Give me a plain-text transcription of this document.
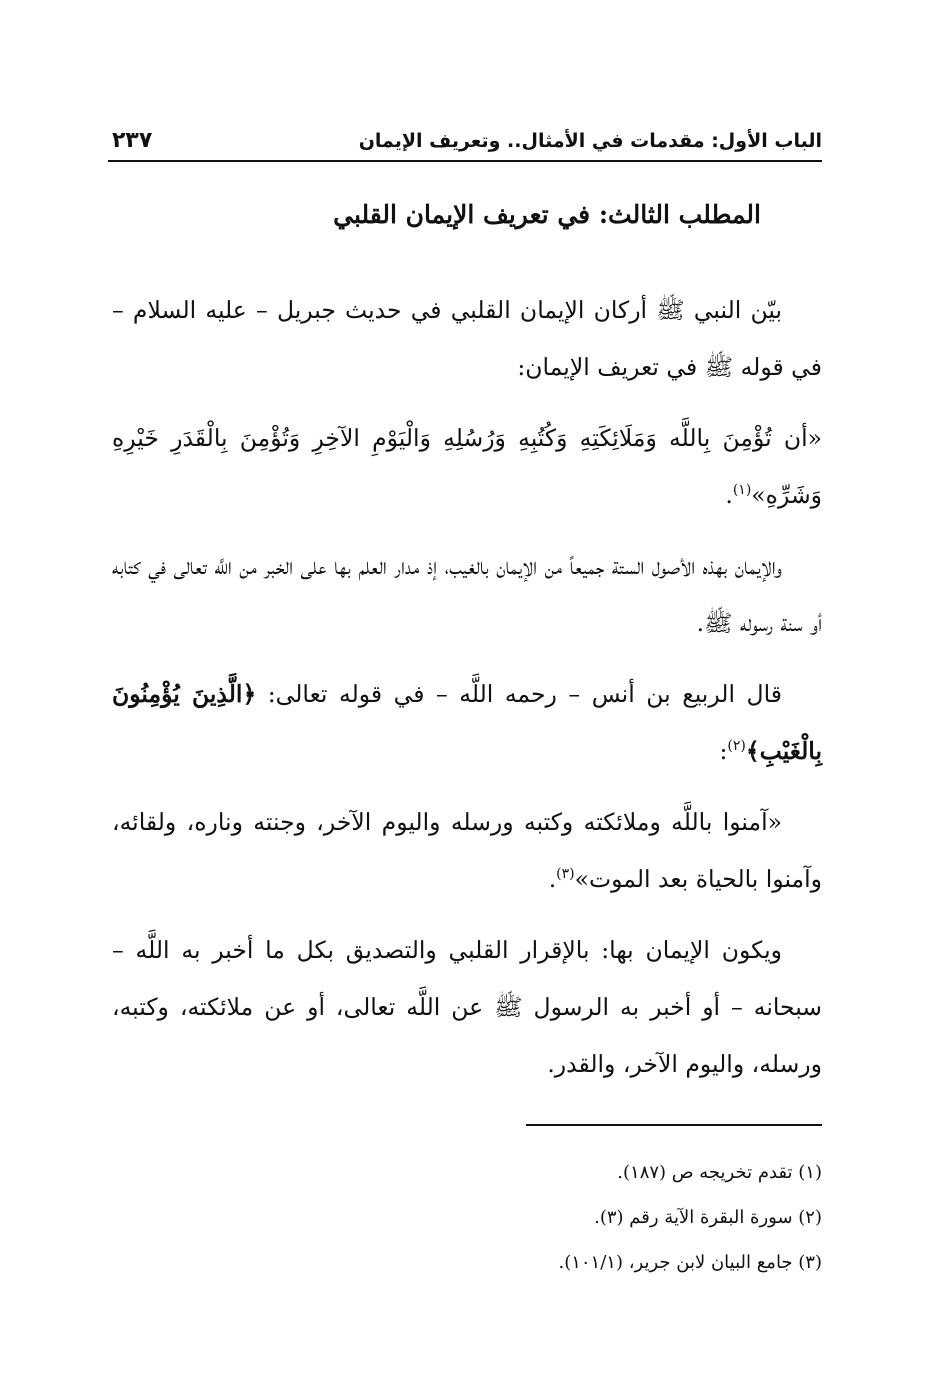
الباب الأول: مقدمات في الأمثال.. وتعريف الإيمان
٢٣٧
المطلب الثالث: في تعريف الإيمان القلبي

بيّن النبي ﷺ أركان الإيمان القلبي في حديث جبريل – عليه السلام – في قوله ﷺ في تعريف الإيمان:

«أن تُؤْمِنَ بِاللَّه وَمَلَائِكَتِهِ وَكُتُبِهِ وَرُسُلِهِ وَالْيَوْمِ الآخِرِ وَتُؤْمِنَ بِالْقَدَرِ خَيْرِهِ وَشَرِّهِ»$^{(١)}$.

والإيمان بهذه الأصول الستة جميعاً من الإيمان بالغيب، إذ مدار العلم بها على الخبر من اللَّه تعالى في كتابه أو سنة رسوله ﷺ.

قال الربيع بن أنس – رحمه اللَّه – في قوله تعالى: ﴿الَّذِينَ يُؤْمِنُونَ بِالْغَيْبِ﴾$^{(٢)}$:

«آمنوا باللَّه وملائكته وكتبه ورسله واليوم الآخر، وجنته وناره، ولقائه، وآمنوا بالحياة بعد الموت»$^{(٣)}$.

ويكون الإيمان بها: بالإقرار القلبي والتصديق بكل ما أخبر به اللَّه – سبحانه – أو أخبر به الرسول ﷺ عن اللَّه تعالى، أو عن ملائكته، وكتبه، ورسله، واليوم الآخر، والقدر.

(١) تقدم تخريجه ص (١٨٧).
(٢) سورة البقرة الآية رقم (٣).
(٣) جامع البيان لابن جرير، (١٠١/١).
